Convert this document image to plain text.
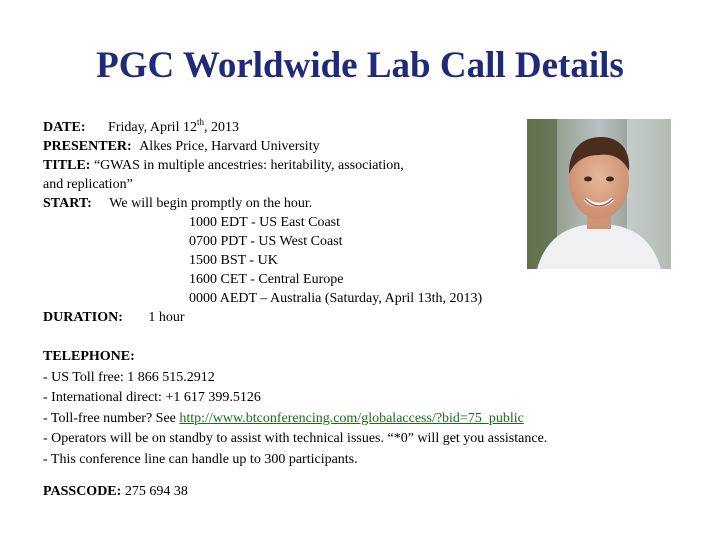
PGC Worldwide Lab Call Details
DATE: Friday, April 12th, 2013
PRESENTER: Alkes Price, Harvard University
TITLE: “GWAS in multiple ancestries: heritability, association,
and replication”
START: We will begin promptly on the hour.
1000 EDT - US East Coast
0700 PDT - US West Coast
1500 BST - UK
1600 CET - Central Europe
0000 AEDT – Australia (Saturday, April 13th, 2013)
DURATION: 1 hour
TELEPHONE:
- US Toll free: 1 866 515.2912
- International direct: +1 617 399.5126
- Toll-free number? See http://www.btconferencing.com/globalaccess/?bid=75_public
- Operators will be on standby to assist with technical issues. “*0” will get you assistance.
- This conference line can handle up to 300 participants.
PASSCODE: 275 694 38
